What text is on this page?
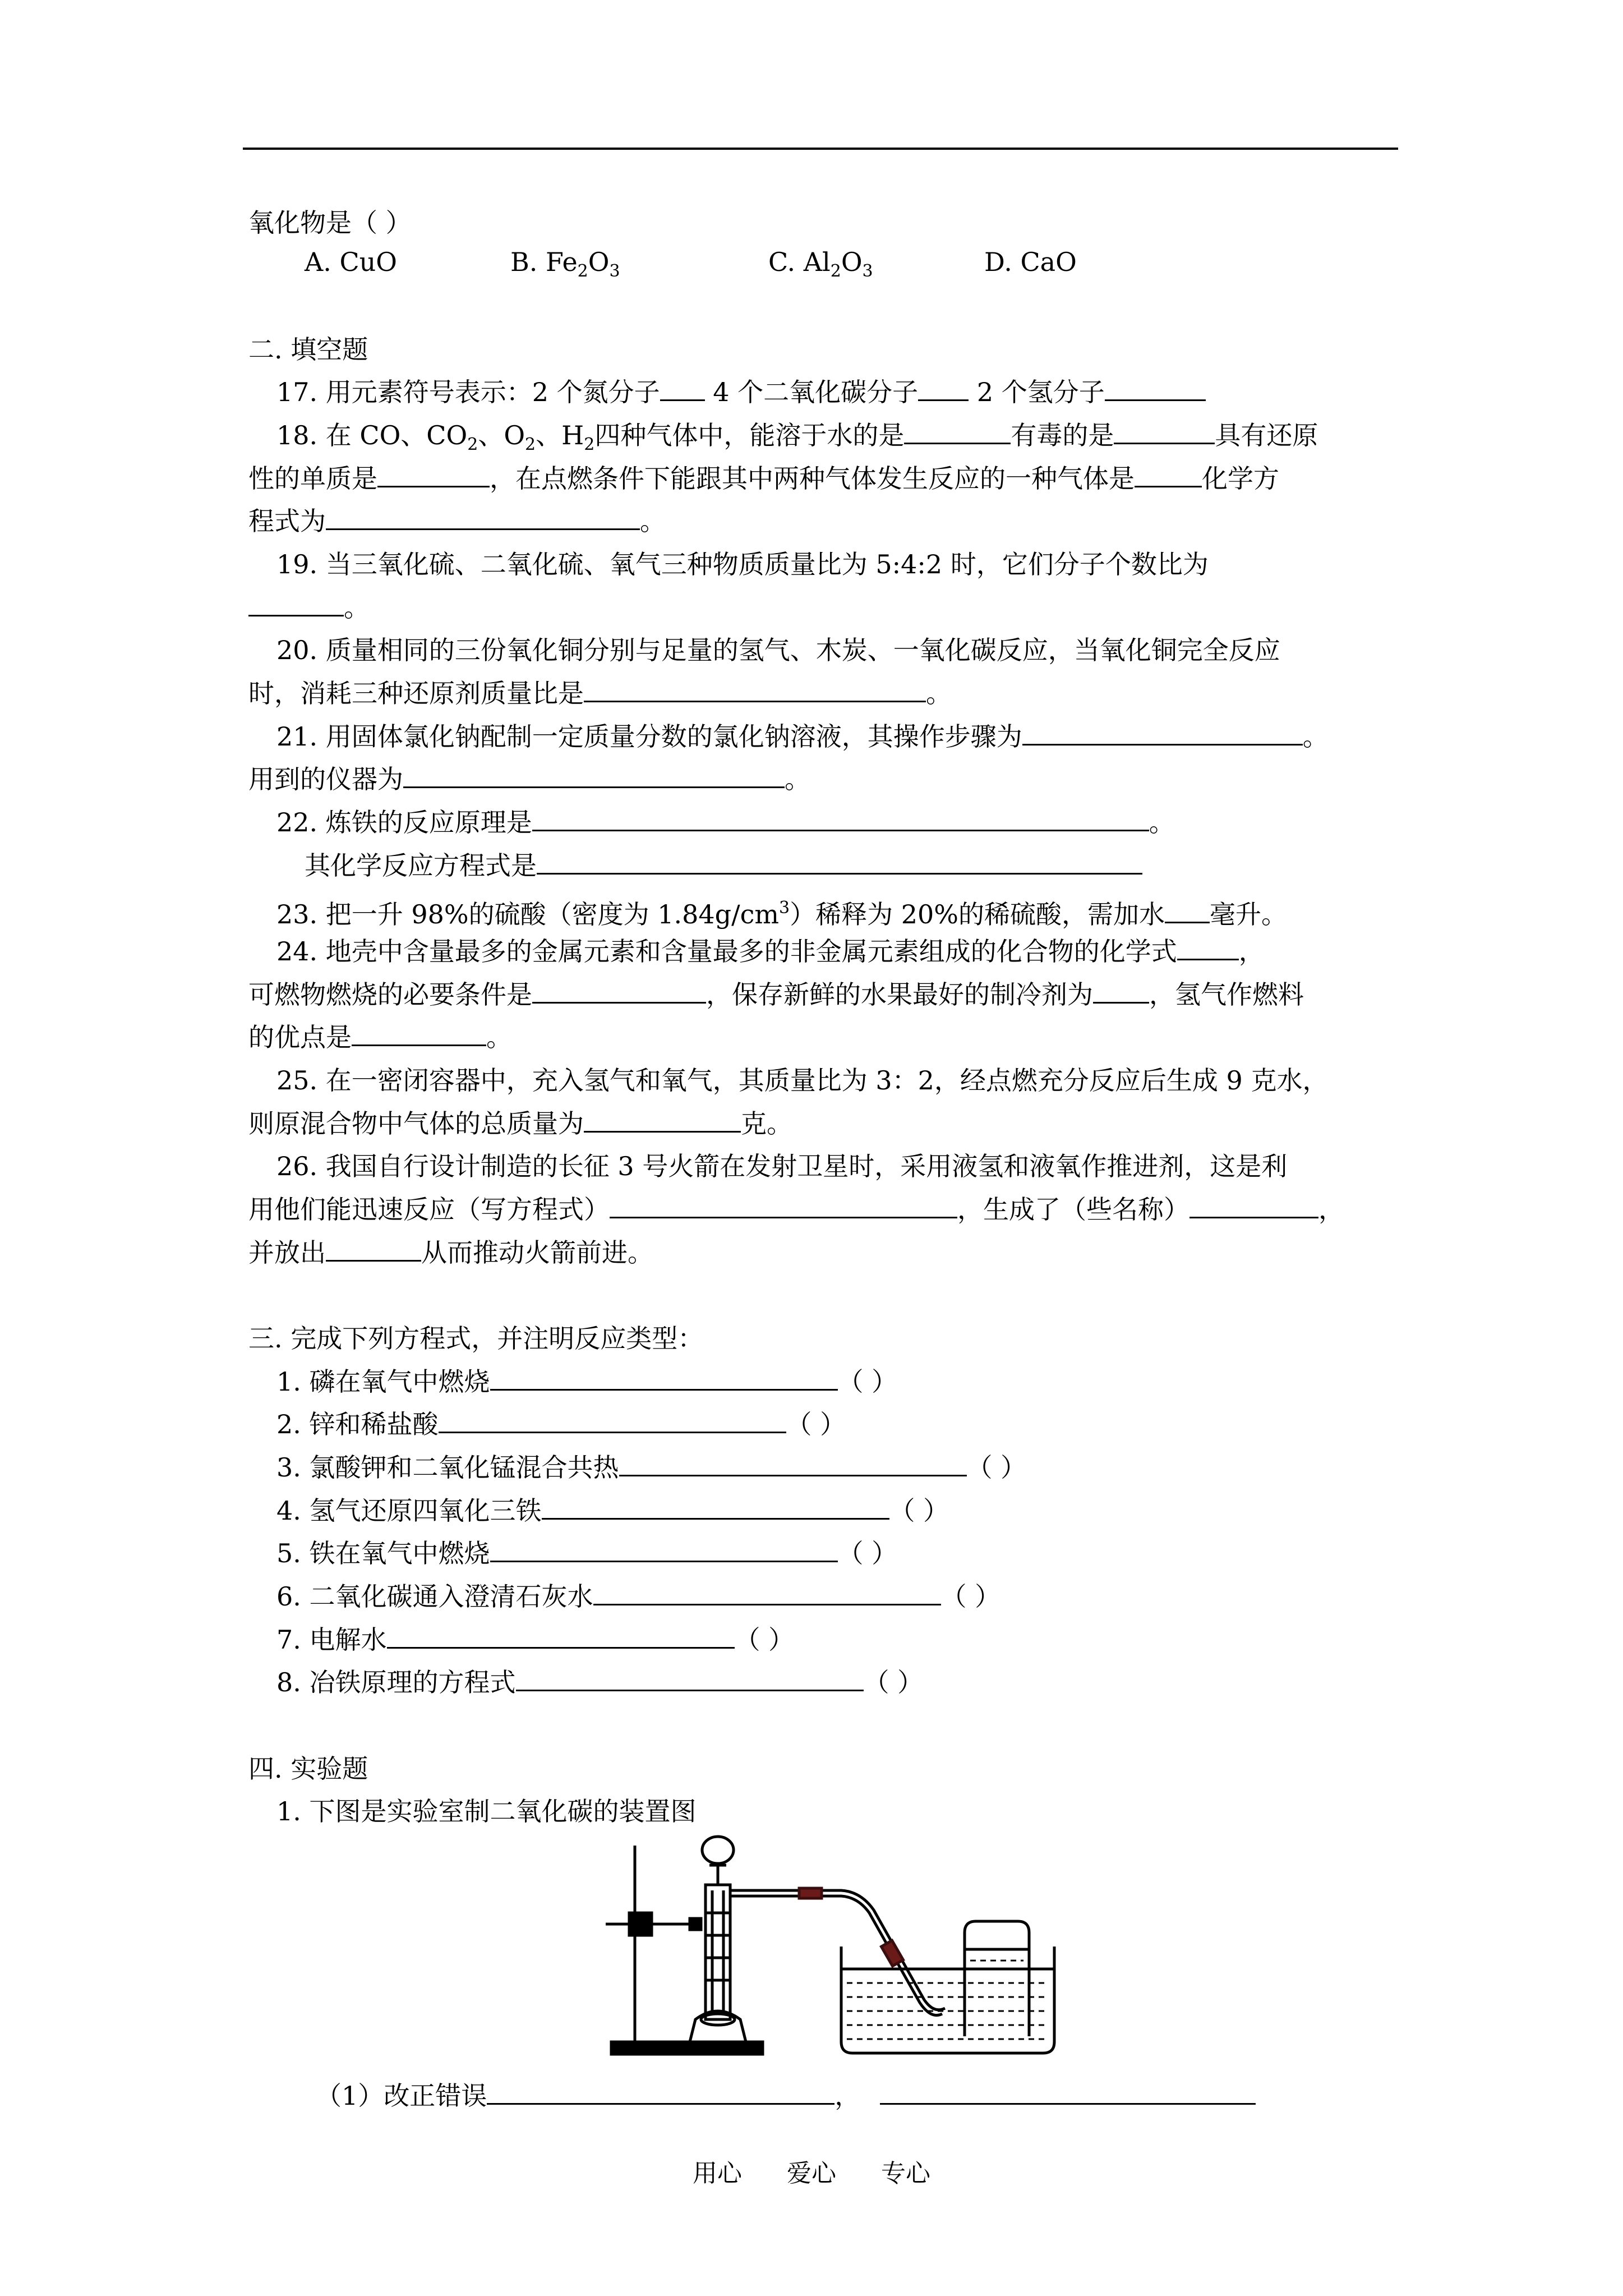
氧化物是（ ）
A. CuO	B. $Fe_2O_3$	C. $Al_2O_3$	D. CaO
二. 填空题
17. 用元素符号表示：2 个氮分子 4 个二氧化碳分子 2 个氢分子
18. 在 CO、$CO_2$、$O_2$、$H_2$四种气体中，能溶于水的是	有毒的是	具有还原
性的单质是	，在点燃条件下能跟其中两种气体发生反应的一种气体是	化学方
程式为	。
19. 当三氧化硫、二氧化硫、氧气三种物质质量比为 5:4:2 时，它们分子个数比为
。
20. 质量相同的三份氧化铜分别与足量的氢气、木炭、一氧化碳反应，当氧化铜完全反应
时，消耗三种还原剂质量比是	。
21. 用固体氯化钠配制一定质量分数的氯化钠溶液，其操作步骤为	。
用到的仪器为	。
22. 炼铁的反应原理是	。
其化学反应方程式是
23. 把一升 98%的硫酸（密度为 $1.84g/cm^3$）稀释为 20%的稀硫酸，需加水 毫升。
24. 地壳中含量最多的金属元素和含量最多的非金属元素组成的化合物的化学式 ，
可燃物燃烧的必要条件是	，保存新鲜的水果最好的制冷剂为 ，氢气作燃料
的优点是	。
25. 在一密闭容器中，充入氢气和氧气，其质量比为 3：2，经点燃充分反应后生成 9 克水，
则原混合物中气体的总质量为	克。
26. 我国自行设计制造的长征 3 号火箭在发射卫星时，采用液氢和液氧作推进剂，这是利
用他们能迅速反应（写方程式）	，生成了（些名称）	，
并放出	从而推动火箭前进。
三. 完成下列方程式，并注明反应类型：
1. 磷在氧气中燃烧	（ ）
2. 锌和稀盐酸	（ ）
3. 氯酸钾和二氧化锰混合共热	（ ）
4. 氢气还原四氧化三铁	（ ）
5. 铁在氧气中燃烧	（ ）
6. 二氧化碳通入澄清石灰水	（ ）
7. 电解水	（ ）
8. 冶铁原理的方程式	（ ）
四. 实验题
1. 下图是实验室制二氧化碳的装置图
（1）改正错误	，
用心 爱心 专心
